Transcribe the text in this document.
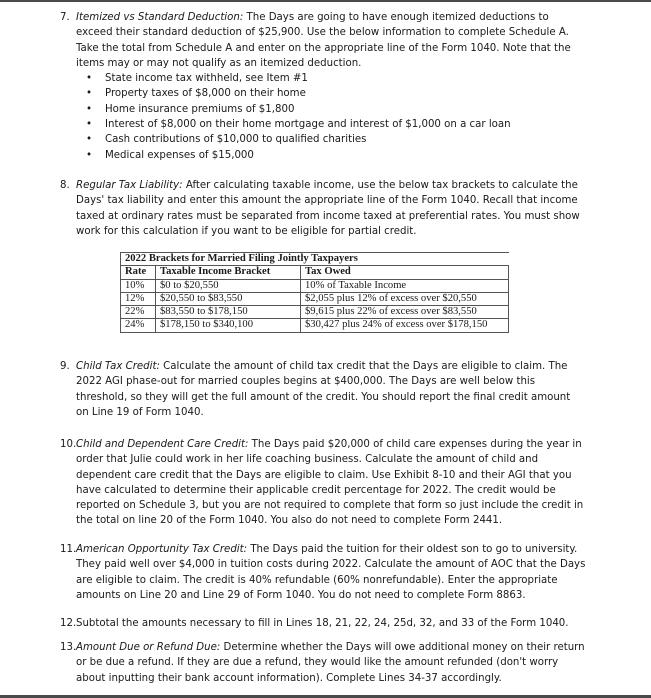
7. Itemized vs Standard Deduction: The Days are going to have enough itemized deductions to exceed their standard deduction of $25,900. Use the below information to complete Schedule A. Take the total from Schedule A and enter on the appropriate line of the Form 1040. Note that the items may or may not qualify as an itemized deduction.
• State income tax withheld, see Item #1
• Property taxes of $8,000 on their home
• Home insurance premiums of $1,800
• Interest of $8,000 on their home mortgage and interest of $1,000 on a car loan
• Cash contributions of $10,000 to qualified charities
• Medical expenses of $15,000
8. Regular Tax Liability: After calculating taxable income, use the below tax brackets to calculate the Days' tax liability and enter this amount the appropriate line of the Form 1040. Recall that income taxed at ordinary rates must be separated from income taxed at preferential rates. You must show work for this calculation if you want to be eligible for partial credit.
2022 Brackets for Married Filing Jointly Taxpayers		
Rate	Taxable Income Bracket	Tax Owed
10%	$0 to $20,550	10% of Taxable Income
12%	$20,550 to $83,550	$2,055 plus 12% of excess over $20,550
22%	$83,550 to $178,150	$9,615 plus 22% of excess over $83,550
24%	$178,150 to $340,100	$30,427 plus 24% of excess over $178,150
9. Child Tax Credit: Calculate the amount of child tax credit that the Days are eligible to claim. The 2022 AGI phase-out for married couples begins at $400,000. The Days are well below this threshold, so they will get the full amount of the credit. You should report the final credit amount on Line 19 of Form 1040.
10. Child and Dependent Care Credit: The Days paid $20,000 of child care expenses during the year in order that Julie could work in her life coaching business. Calculate the amount of child and dependent care credit that the Days are eligible to claim. Use Exhibit 8-10 and their AGI that you have calculated to determine their applicable credit percentage for 2022. The credit would be reported on Schedule 3, but you are not required to complete that form so just include the credit in the total on line 20 of the Form 1040. You also do not need to complete Form 2441.
11. American Opportunity Tax Credit: The Days paid the tuition for their oldest son to go to university. They paid well over $4,000 in tuition costs during 2022. Calculate the amount of AOC that the Days are eligible to claim. The credit is 40% refundable (60% nonrefundable). Enter the appropriate amounts on Line 20 and Line 29 of Form 1040. You do not need to complete Form 8863.
12. Subtotal the amounts necessary to fill in Lines 18, 21, 22, 24, 25d, 32, and 33 of the Form 1040.
13. Amount Due or Refund Due: Determine whether the Days will owe additional money on their return or be due a refund. If they are due a refund, they would like the amount refunded (don't worry about inputting their bank account information). Complete Lines 34-37 accordingly.
